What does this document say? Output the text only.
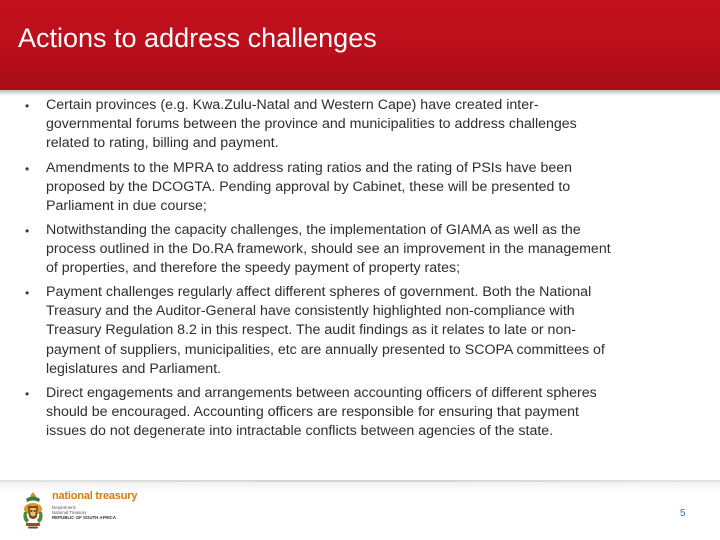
Actions to address challenges
• Certain provinces (e.g. Kwa.Zulu-Natal and Western Cape) have created inter-
governmental forums between the province and municipalities to address challenges
related to rating, billing and payment.
• Amendments to the MPRA to address rating ratios and the rating of PSIs have been
proposed by the DCOGTA. Pending approval by Cabinet, these will be presented to
Parliament in due course;
• Notwithstanding the capacity challenges, the implementation of GIAMA as well as the
process outlined in the Do.RA framework, should see an improvement in the management
of properties, and therefore the speedy payment of property rates;
• Payment challenges regularly affect different spheres of government. Both the National
Treasury and the Auditor-General have consistently highlighted non-compliance with
Treasury Regulation 8.2 in this respect. The audit findings as it relates to late or non-
payment of suppliers, municipalities, etc are annually presented to SCOPA committees of
legislatures and Parliament.
• Direct engagements and arrangements between accounting officers of different spheres
should be encouraged. Accounting officers are responsible for ensuring that payment
issues do not degenerate into intractable conflicts between agencies of the state.
national treasury
Department:
National Treasury
REPUBLIC OF SOUTH AFRICA	5
